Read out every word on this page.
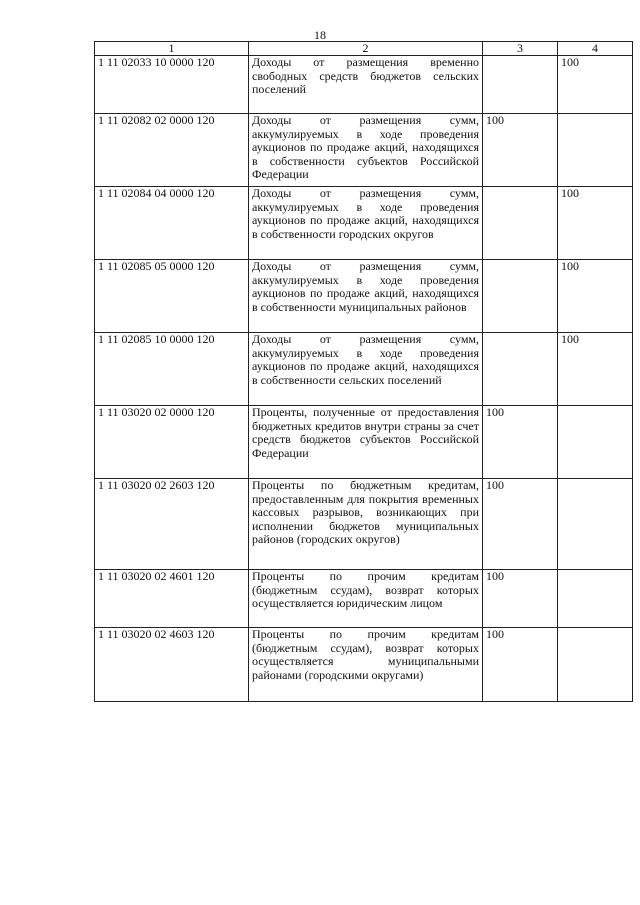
18
1	2	3	4
1 11 02033 10 0000 120	Доходы от размещения временно свободных средств бюджетов сельских поселений		100
1 11 02082 02 0000 120	Доходы от размещения сумм, аккумулируемых в ходе проведения аукционов по продаже акций, находящихся в собственности субъектов Российской Федерации	100	
1 11 02084 04 0000 120	Доходы от размещения сумм, аккумулируемых в ходе проведения аукционов по продаже акций, находящихся в собственности городских округов		100
1 11 02085 05 0000 120	Доходы от размещения сумм, аккумулируемых в ходе проведения аукционов по продаже акций, находящихся в собственности муниципальных районов		100
1 11 02085 10 0000 120	Доходы от размещения сумм, аккумулируемых в ходе проведения аукционов по продаже акций, находящихся в собственности сельских поселений		100
1 11 03020 02 0000 120	Проценты, полученные от предоставления бюджетных кредитов внутри страны за счет средств бюджетов субъектов Российской Федерации	100	
1 11 03020 02 2603 120	Проценты по бюджетным кредитам, предоставленным для покрытия временных кассовых разрывов, возникающих при исполнении бюджетов муниципальных районов (городских округов)	100	
1 11 03020 02 4601 120	Проценты по прочим кредитам (бюджетным ссудам), возврат которых осуществляется юридическим лицом	100	
1 11 03020 02 4603 120	Проценты по прочим кредитам (бюджетным ссудам), возврат которых осуществляется муниципальными районами (городскими округами)	100	
